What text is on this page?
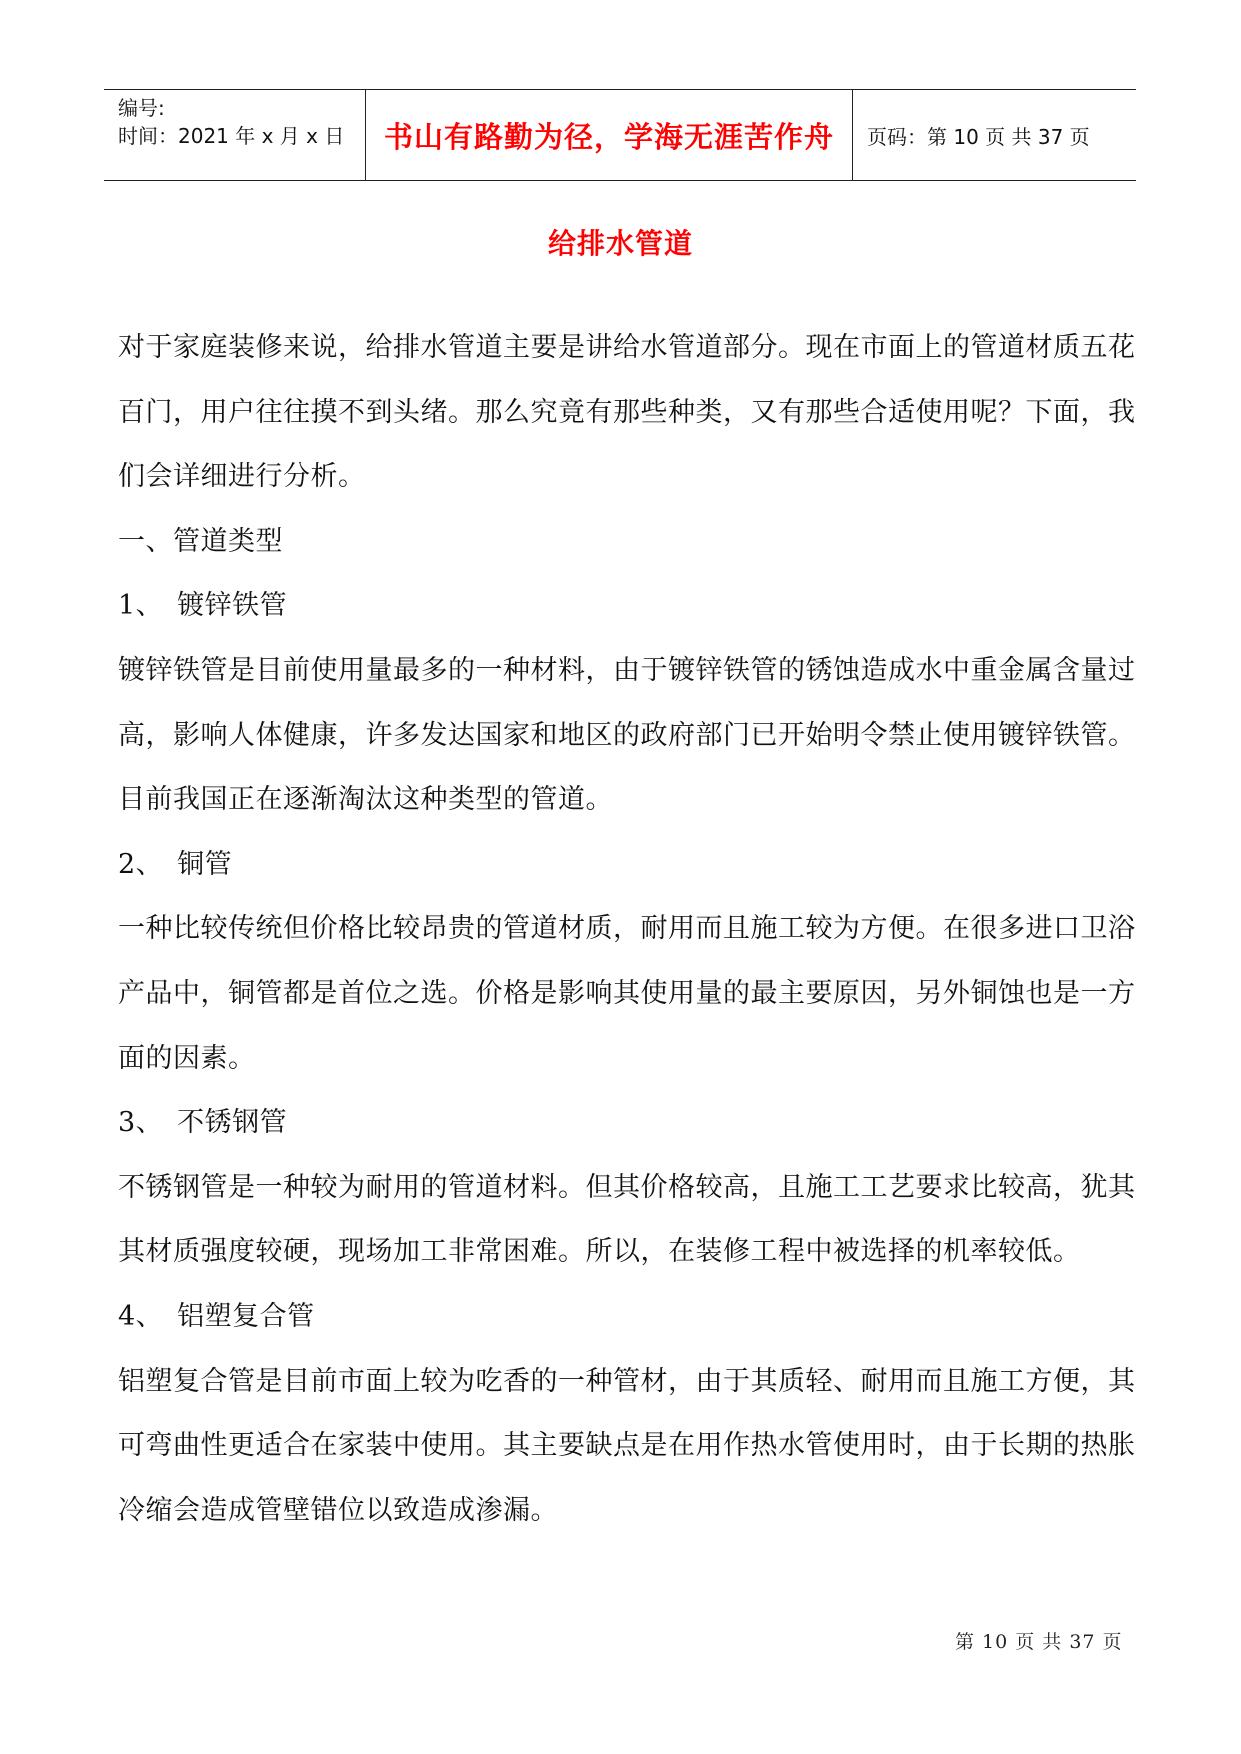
编号:
时间：2021 年 x 月 x 日	书山有路勤为径，学海无涯苦作舟 页码：第 10 页 共 37 页
给排水管道

对于家庭装修来说，给排水管道主要是讲给水管道部分。现在市面上的管道材质五花百门，用户往往摸不到头绪。那么究竟有那些种类，又有那些合适使用呢？下面，我们会详细进行分析。

一、管道类型

1、　镀锌铁管

镀锌铁管是目前使用量最多的一种材料，由于镀锌铁管的锈蚀造成水中重金属含量过高，影响人体健康，许多发达国家和地区的政府部门已开始明令禁止使用镀锌铁管。目前我国正在逐渐淘汰这种类型的管道。

2、　铜管

一种比较传统但价格比较昂贵的管道材质，耐用而且施工较为方便。在很多进口卫浴产品中，铜管都是首位之选。价格是影响其使用量的最主要原因，另外铜蚀也是一方面的因素。

3、　不锈钢管

不锈钢管是一种较为耐用的管道材料。但其价格较高，且施工工艺要求比较高，犹其其材质强度较硬，现场加工非常困难。所以，在装修工程中被选择的机率较低。

4、　铝塑复合管

铝塑复合管是目前市面上较为吃香的一种管材，由于其质轻、耐用而且施工方便，其可弯曲性更适合在家装中使用。其主要缺点是在用作热水管使用时，由于长期的热胀冷缩会造成管壁错位以致造成渗漏。

第 10 页 共 37 页
